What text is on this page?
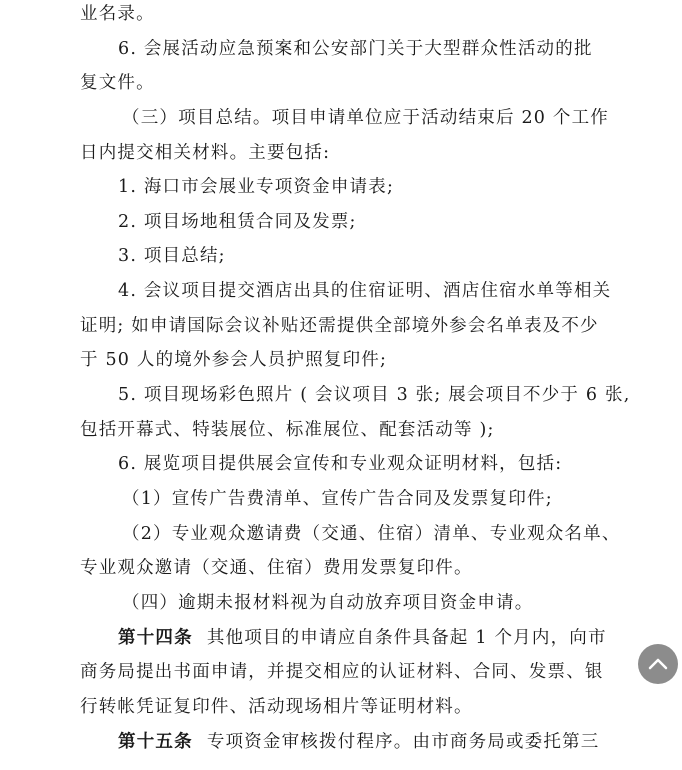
业名录。
6. 会展活动应急预案和公安部门关于大型群众性活动的批
复文件。
（三）项目总结。项目申请单位应于活动结束后 20 个工作
日内提交相关材料。主要包括:
1. 海口市会展业专项资金申请表;
2. 项目场地租赁合同及发票;
3. 项目总结;
4. 会议项目提交酒店出具的住宿证明、酒店住宿水单等相关
证明; 如申请国际会议补贴还需提供全部境外参会名单表及不少
于 50 人的境外参会人员护照复印件;
5. 项目现场彩色照片 ( 会议项目 3 张; 展会项目不少于 6 张,
包括开幕式、特装展位、标准展位、配套活动等 );
6. 展览项目提供展会宣传和专业观众证明材料，包括:
（1）宣传广告费清单、宣传广告合同及发票复印件;
（2）专业观众邀请费（交通、住宿）清单、专业观众名单、
专业观众邀请（交通、住宿）费用发票复印件。
（四）逾期未报材料视为自动放弃项目资金申请。
第十四条 其他项目的申请应自条件具备起 1 个月内，向市
商务局提出书面申请，并提交相应的认证材料、合同、发票、银
行转帐凭证复印件、活动现场相片等证明材料。
第十五条 专项资金审核拨付程序。由市商务局或委托第三
